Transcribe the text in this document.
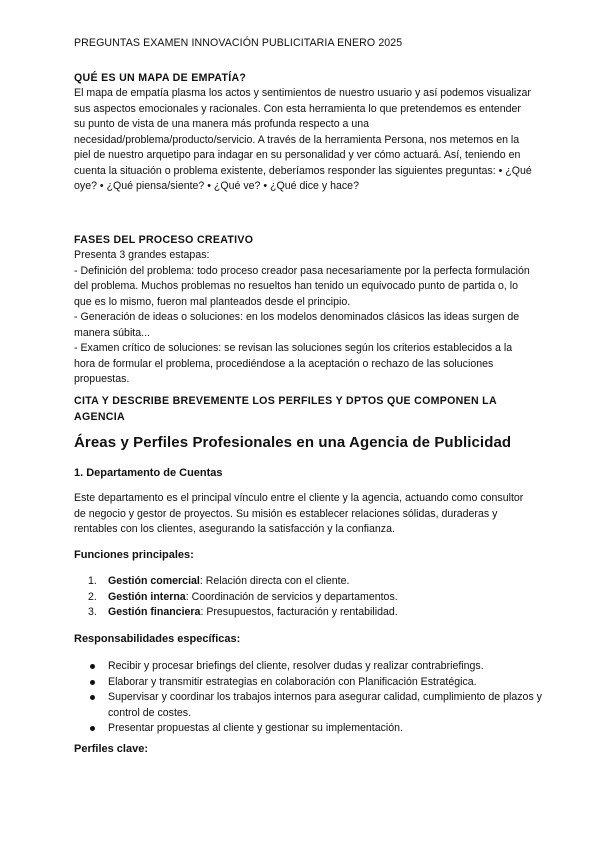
PREGUNTAS EXAMEN INNOVACIÓN PUBLICITARIA ENERO 2025
QUÉ ES UN MAPA DE EMPATÍA?

El mapa de empatía plasma los actos y sentimientos de nuestro usuario y así podemos visualizar sus aspectos emocionales y racionales. Con esta herramienta lo que pretendemos es entender su punto de vista de una manera más profunda respecto a una necesidad/problema/producto/servicio. A través de la herramienta Persona, nos metemos en la piel de nuestro arquetipo para indagar en su personalidad y ver cómo actuará. Así, teniendo en cuenta la situación o problema existente, deberíamos responder las siguientes preguntas: • ¿Qué oye? • ¿Qué piensa/siente? • ¿Qué ve? • ¿Qué dice y hace?

FASES DEL PROCESO CREATIVO

Presenta 3 grandes estapas:

- Definición del problema: todo proceso creador pasa necesariamente por la perfecta formulación del problema. Muchos problemas no resueltos han tenido un equivocado punto de partida o, lo que es lo mismo, fueron mal planteados desde el principio.

- Generación de ideas o soluciones: en los modelos denominados clásicos las ideas surgen de manera súbita...

- Examen crítico de soluciones: se revisan las soluciones según los criterios establecidos a la hora de formular el problema, procediéndose a la aceptación o rechazo de las soluciones propuestas.

CITA Y DESCRIBE BREVEMENTE LOS PERFILES Y DPTOS QUE COMPONEN LA AGENCIA
Áreas y Perfiles Profesionales en una Agencia de Publicidad
1. Departamento de Cuentas

Este departamento es el principal vínculo entre el cliente y la agencia, actuando como consultor de negocio y gestor de proyectos. Su misión es establecer relaciones sólidas, duraderas y rentables con los clientes, asegurando la satisfacción y la confianza.

Funciones principales:
1. Gestión comercial: Relación directa con el cliente.
2. Gestión interna: Coordinación de servicios y departamentos.
3. Gestión financiera: Presupuestos, facturación y rentabilidad.
Responsabilidades específicas:
Recibir y procesar briefings del cliente, resolver dudas y realizar contrabriefings.
Elaborar y transmitir estrategias en colaboración con Planificación Estratégica.
Supervisar y coordinar los trabajos internos para asegurar calidad, cumplimiento de plazos y control de costes.
Presentar propuestas al cliente y gestionar su implementación.
Perfiles clave:
